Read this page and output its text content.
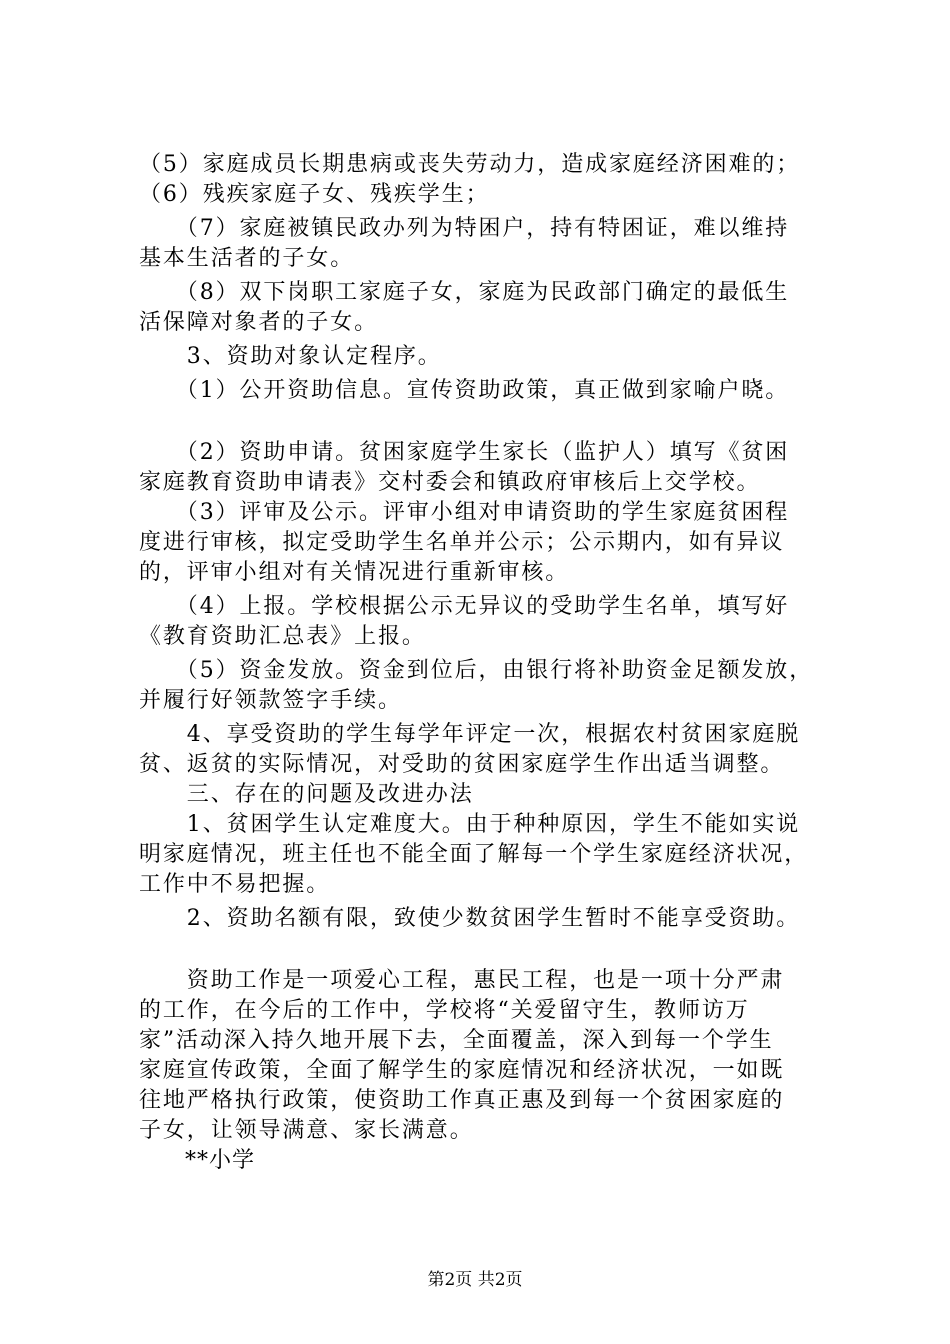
（5）家庭成员长期患病或丧失劳动力，造成家庭经济困难的；
（6）残疾家庭子女、残疾学生；
　　（7）家庭被镇民政办列为特困户，持有特困证，难以维持
基本生活者的子女。
　　（8）双下岗职工家庭子女，家庭为民政部门确定的最低生
活保障对象者的子女。
　　3、资助对象认定程序。
　　（1）公开资助信息。宣传资助政策，真正做到家喻户晓。
　　（2）资助申请。贫困家庭学生家长（监护人）填写《贫困
家庭教育资助申请表》交村委会和镇政府审核后上交学校。
　　（3）评审及公示。评审小组对申请资助的学生家庭贫困程
度进行审核，拟定受助学生名单并公示；公示期内，如有异议
的，评审小组对有关情况进行重新审核。
　　（4）上报。学校根据公示无异议的受助学生名单，填写好
《教育资助汇总表》上报。
　　（5）资金发放。资金到位后，由银行将补助资金足额发放，
并履行好领款签字手续。
　　4、享受资助的学生每学年评定一次，根据农村贫困家庭脱
贫、返贫的实际情况，对受助的贫困家庭学生作出适当调整。
　　三、存在的问题及改进办法
　　1、贫困学生认定难度大。由于种种原因，学生不能如实说
明家庭情况，班主任也不能全面了解每一个学生家庭经济状况，
工作中不易把握。
　　2、资助名额有限，致使少数贫困学生暂时不能享受资助。
　　资助工作是一项爱心工程，惠民工程，也是一项十分严肃
的工作，在今后的工作中，学校将“关爱留守生，教师访万
家”活动深入持久地开展下去，全面覆盖，深入到每一个学生
家庭宣传政策，全面了解学生的家庭情况和经济状况，一如既
往地严格执行政策，使资助工作真正惠及到每一个贫困家庭的
子女，让领导满意、家长满意。
　　**小学
第2页 共2页
